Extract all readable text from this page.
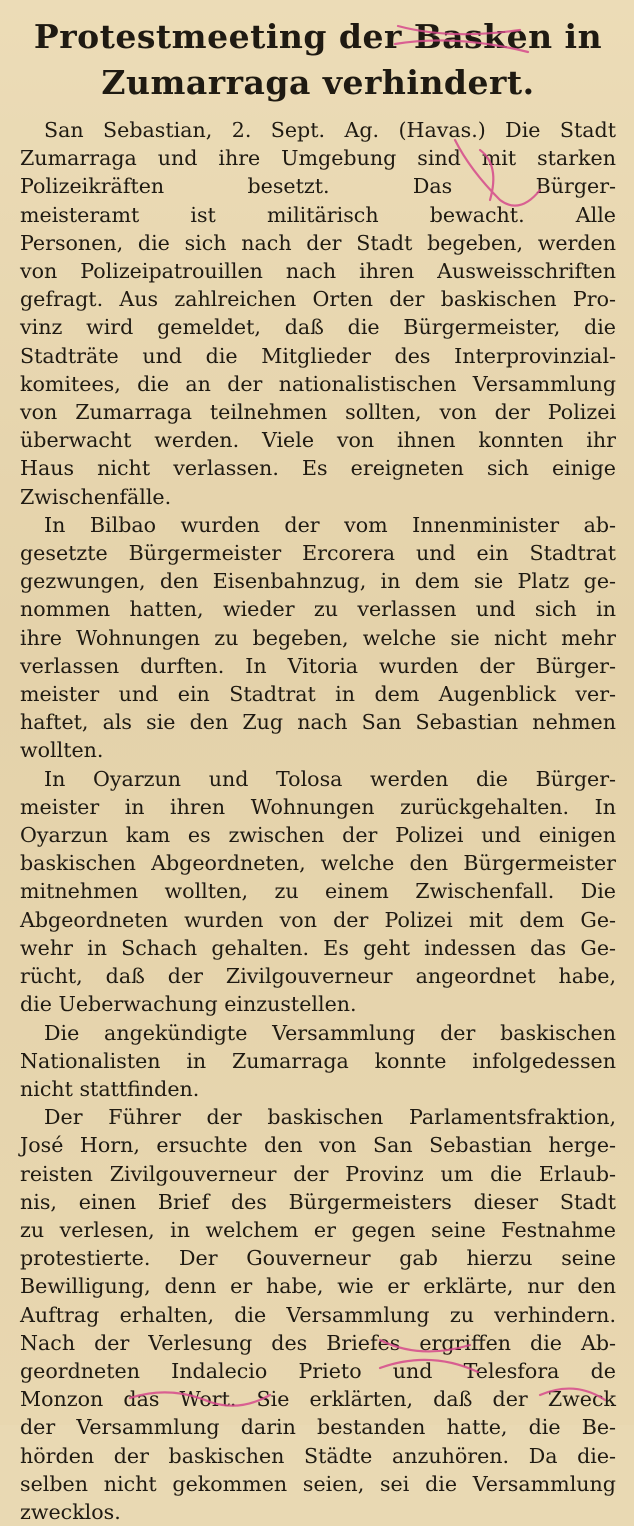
Protestmeeting der Basken in
Zumarraga verhindert.

San Sebastian, 2. Sept. Ag. (Havas.) Die Stadt
Zumarraga und ihre Umgebung sind mit starken
Polizeikräften besetzt. Das Bürger-
meisteramt ist militärisch bewacht. Alle
Personen, die sich nach der Stadt begeben, werden
von Polizeipatrouillen nach ihren Ausweisschriften
gefragt. Aus zahlreichen Orten der baskischen Pro-
vinz wird gemeldet, daß die Bürgermeister, die
Stadträte und die Mitglieder des Interprovinzial-
komitees, die an der nationalistischen Versammlung
von Zumarraga teilnehmen sollten, von der Polizei
überwacht werden. Viele von ihnen konnten ihr
Haus nicht verlassen. Es ereigneten sich einige
Zwischenfälle.

In Bilbao wurden der vom Innenminister ab-
gesetzte Bürgermeister Ercorera und ein Stadtrat
gezwungen, den Eisenbahnzug, in dem sie Platz ge-
nommen hatten, wieder zu verlassen und sich in
ihre Wohnungen zu begeben, welche sie nicht mehr
verlassen durften. In Vitoria wurden der Bürger-
meister und ein Stadtrat in dem Augenblick ver-
haftet, als sie den Zug nach San Sebastian nehmen
wollten.

In Oyarzun und Tolosa werden die Bürger-
meister in ihren Wohnungen zurückgehalten. In
Oyarzun kam es zwischen der Polizei und einigen
baskischen Abgeordneten, welche den Bürgermeister
mitnehmen wollten, zu einem Zwischenfall. Die
Abgeordneten wurden von der Polizei mit dem Ge-
wehr in Schach gehalten. Es geht indessen das Ge-
rücht, daß der Zivilgouverneur angeordnet habe,
die Ueberwachung einzustellen.

Die angekündigte Versammlung der baskischen
Nationalisten in Zumarraga konnte infolgedessen
nicht stattfinden.

Der Führer der baskischen Parlamentsfraktion,
José Horn, ersuchte den von San Sebastian herge-
reisten Zivilgouverneur der Provinz um die Erlaub-
nis, einen Brief des Bürgermeisters dieser Stadt
zu verlesen, in welchem er gegen seine Festnahme
protestierte. Der Gouverneur gab hierzu seine
Bewilligung, denn er habe, wie er erklärte, nur den
Auftrag erhalten, die Versammlung zu verhindern.
Nach der Verlesung des Briefes ergriffen die Ab-
geordneten Indalecio Prieto und Telesfora de
Monzon das Wort. Sie erklärten, daß der Zweck
der Versammlung darin bestanden hatte, die Be-
hörden der baskischen Städte anzuhören. Da die-
selben nicht gekommen seien, sei die Versammlung
zwecklos.
